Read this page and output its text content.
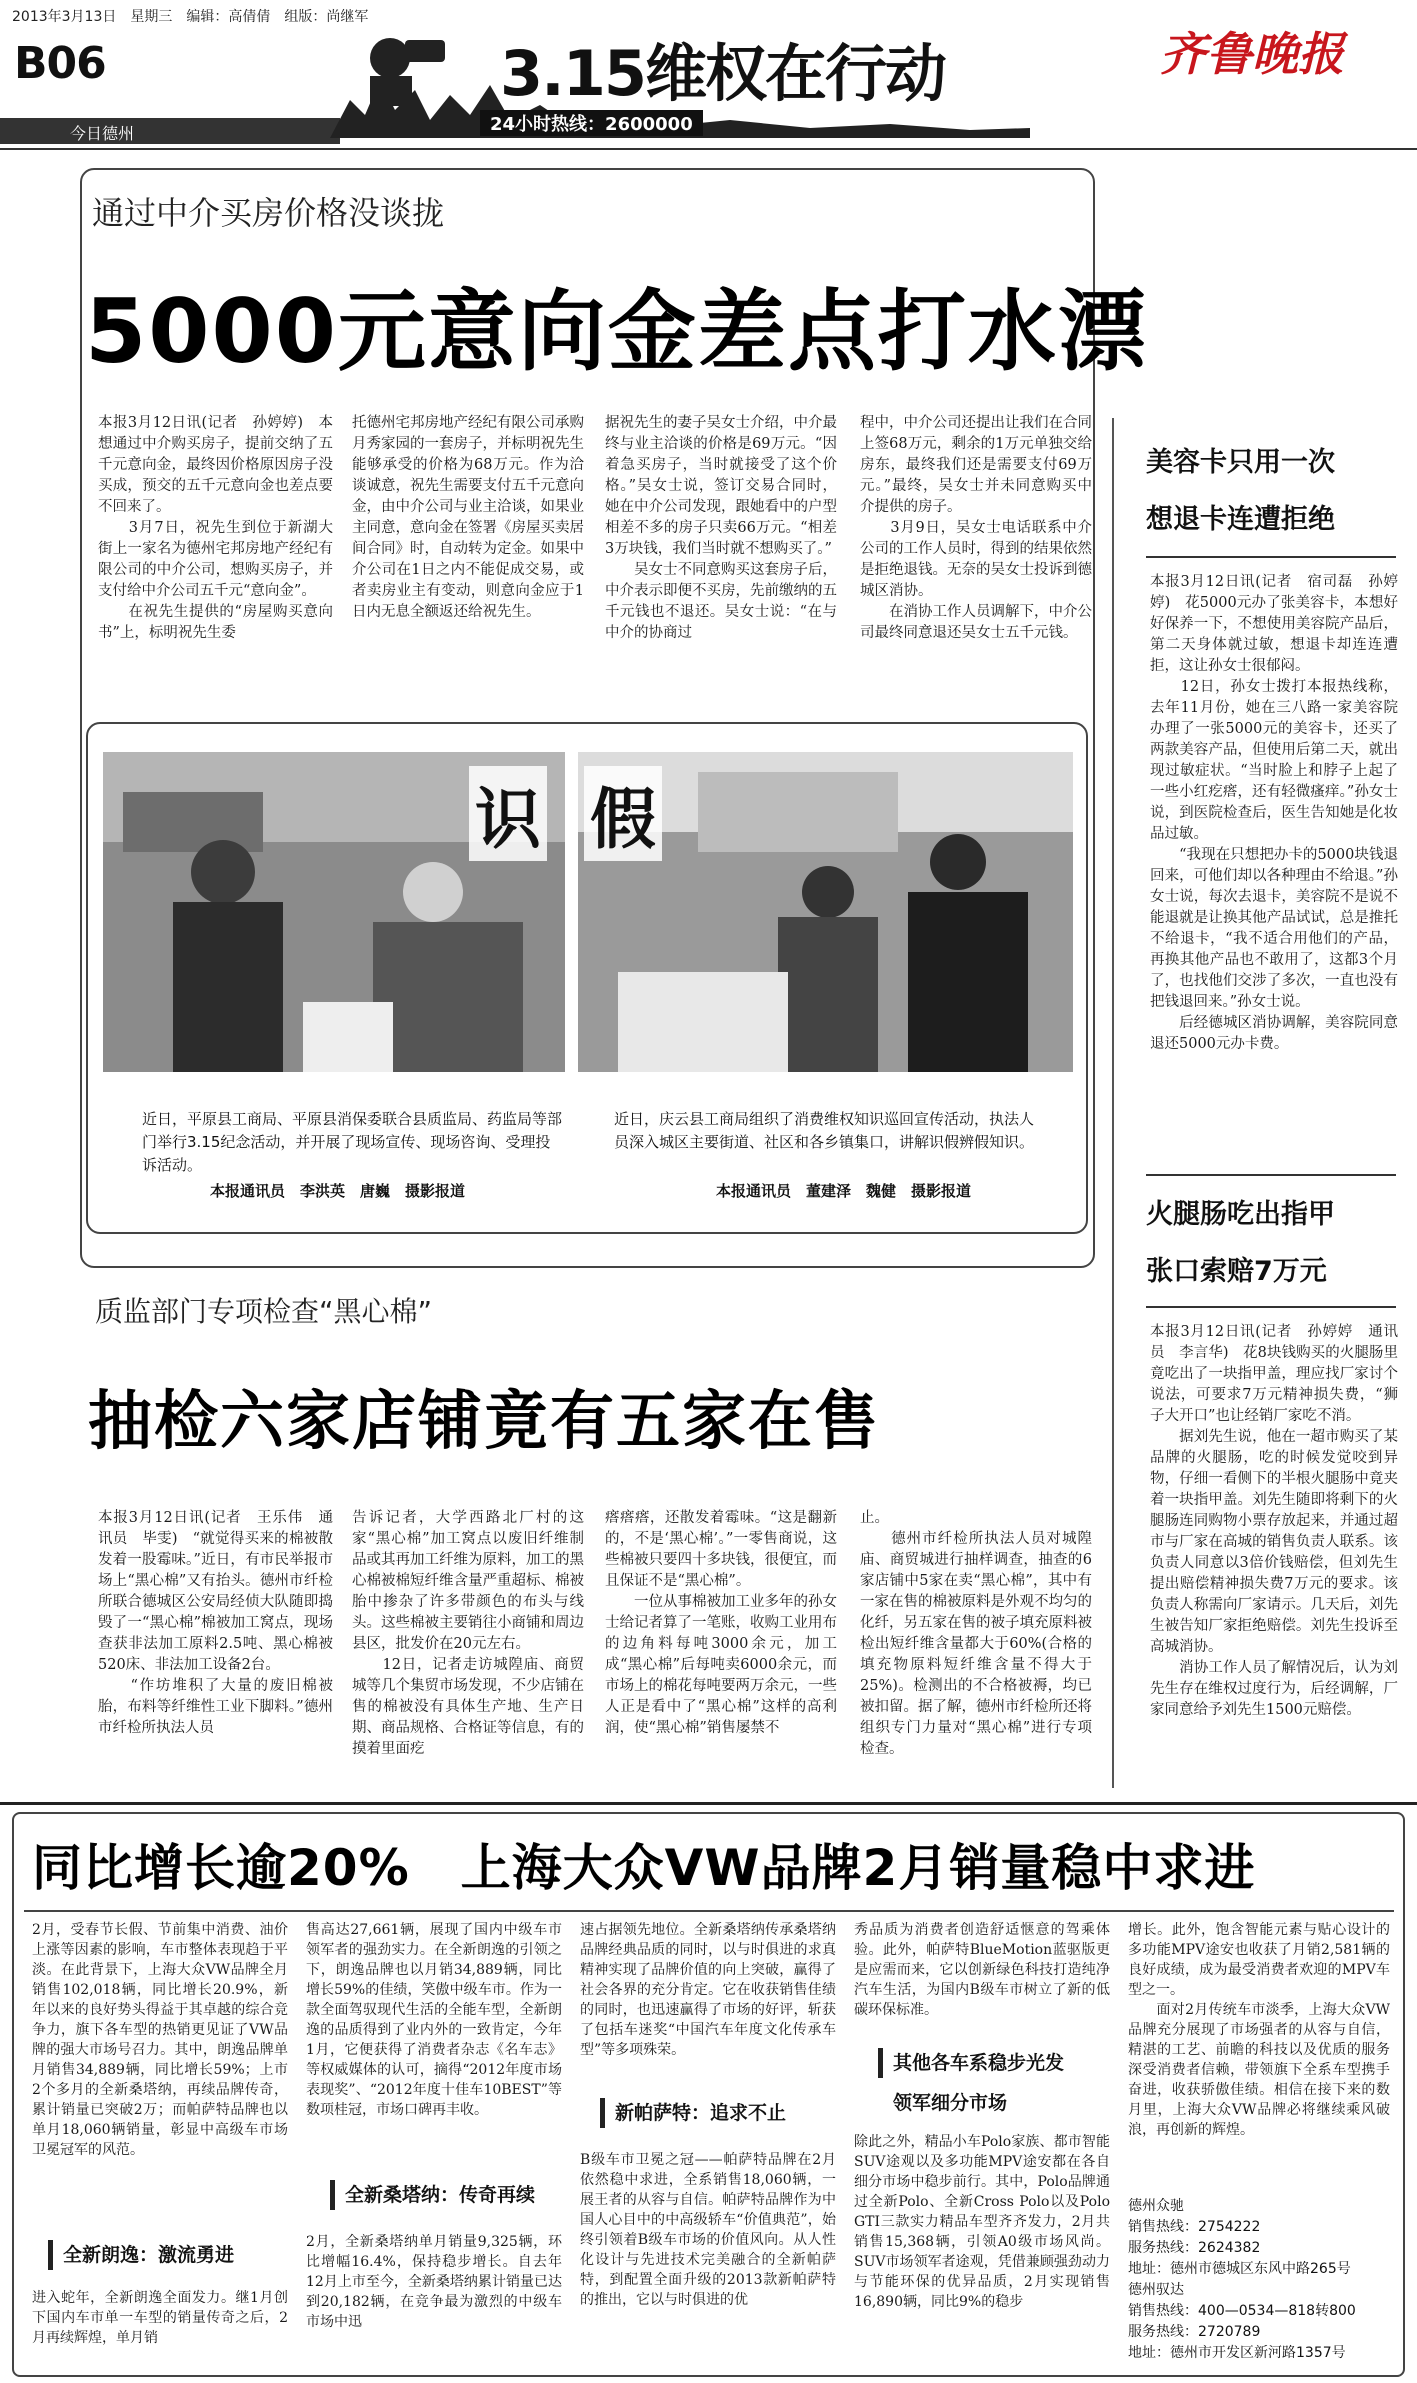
2013年3月13日　星期三　编辑：高倩倩　组版：尚继军
B06
今日德州
3.15维权在行动
24小时热线：2600000
齐鲁晚报
通过中介买房价格没谈拢
5000元意向金差点打水漂
本报3月12日讯(记者　孙婷婷)　本想通过中介购买房子，提前交纳了五千元意向金，最终因价格原因房子没买成，预交的五千元意向金也差点要不回来了。
　　3月7日，祝先生到位于新湖大街上一家名为德州宅邦房地产经纪有限公司的中介公司，想购买房子，并支付给中介公司五千元“意向金”。
　　在祝先生提供的“房屋购买意向书”上，标明祝先生委
托德州宅邦房地产经纪有限公司承购月秀家园的一套房子，并标明祝先生能够承受的价格为68万元。作为洽谈诚意，祝先生需要支付五千元意向金，由中介公司与业主洽谈，如果业主同意，意向金在签署《房屋买卖居间合同》时，自动转为定金。如果中介公司在1日之内不能促成交易，或者卖房业主有变动，则意向金应于1日内无息全额返还给祝先生。
据祝先生的妻子吴女士介绍，中介最终与业主洽谈的价格是69万元。“因着急买房子，当时就接受了这个价格。”吴女士说，签订交易合同时，她在中介公司发现，跟她看中的户型相差不多的房子只卖66万元。“相差3万块钱，我们当时就不想购买了。”
　　吴女士不同意购买这套房子后，中介表示即便不买房，先前缴纳的五千元钱也不退还。吴女士说：“在与中介的协商过
程中，中介公司还提出让我们在合同上签68万元，剩余的1万元单独交给房东，最终我们还是需要支付69万元。”最终，吴女士并未同意购买中介提供的房子。
　　3月9日，吴女士电话联系中介公司的工作人员时，得到的结果依然是拒绝退钱。无奈的吴女士投诉到德城区消协。
　　在消协工作人员调解下，中介公司最终同意退还吴女士五千元钱。
识 假
近日，平原县工商局、平原县消保委联合县质监局、药监局等部门举行3.15纪念活动，并开展了现场宣传、现场咨询、受理投诉活动。
本报通讯员　李洪英　唐巍　摄影报道
近日，庆云县工商局组织了消费维权知识巡回宣传活动，执法人员深入城区主要街道、社区和各乡镇集口，讲解识假辨假知识。
本报通讯员　董建泽　魏健　摄影报道
质监部门专项检查“黑心棉”
抽检六家店铺竟有五家在售
本报3月12日讯(记者　王乐伟　通讯员　毕雯)　“就觉得买来的棉被散发着一股霉味。”近日，有市民举报市场上“黑心棉”又有抬头。德州市纤检所联合德城区公安局经侦大队随即捣毁了一“黑心棉”棉被加工窝点，现场查获非法加工原料2.5吨、黑心棉被520床、非法加工设备2台。
　　“作坊堆积了大量的废旧棉被胎，布料等纤维性工业下脚料。”德州市纤检所执法人员
告诉记者，大学西路北厂村的这家“黑心棉”加工窝点以废旧纤维制品或其再加工纤维为原料，加工的黑心棉被棉短纤维含量严重超标、棉被胎中掺杂了许多带颜色的布头与线头。这些棉被主要销往小商铺和周边县区，批发价在20元左右。
　　12日，记者走访城隍庙、商贸城等几个集贸市场发现，不少店铺在售的棉被没有具体生产地、生产日期、商品规格、合格证等信息，有的摸着里面疙
瘩瘩瘩，还散发着霉味。“这是翻新的，不是‘黑心棉’。”一零售商说，这些棉被只要四十多块钱，很便宜，而且保证不是“黑心棉”。
　　一位从事棉被加工业多年的孙女士给记者算了一笔账，收购工业用布的边角料每吨3000余元，加工成“黑心棉”后每吨卖6000余元，而市场上的棉花每吨要两万余元，一些人正是看中了“黑心棉”这样的高利润，使“黑心棉”销售屡禁不
止。
　　德州市纤检所执法人员对城隍庙、商贸城进行抽样调查，抽查的6家店铺中5家在卖“黑心棉”，其中有一家在售的棉被原料是外观不均匀的化纤，另五家在售的被子填充原料被检出短纤维含量都大于60%(合格的填充物原料短纤维含量不得大于25%)。检测出的不合格被褥，均已被扣留。据了解，德州市纤检所还将组织专门力量对“黑心棉”进行专项检查。
美容卡只用一次
想退卡连遭拒绝
本报3月12日讯(记者　宿司磊　孙婷婷)　花5000元办了张美容卡，本想好好保养一下，不想使用美容院产品后，第二天身体就过敏，想退卡却连连遭拒，这让孙女士很郁闷。
　　12日，孙女士拨打本报热线称，去年11月份，她在三八路一家美容院办理了一张5000元的美容卡，还买了两款美容产品，但使用后第二天，就出现过敏症状。“当时脸上和脖子上起了一些小红疙瘩，还有轻微瘙痒。”孙女士说，到医院检查后，医生告知她是化妆品过敏。
　　“我现在只想把办卡的5000块钱退回来，可他们却以各种理由不给退。”孙女士说，每次去退卡，美容院不是说不能退就是让换其他产品试试，总是推托不给退卡，“我不适合用他们的产品，再换其他产品也不敢用了，这都3个月了，也找他们交涉了多次，一直也没有把钱退回来。”孙女士说。
　　后经德城区消协调解，美容院同意退还5000元办卡费。
火腿肠吃出指甲
张口索赔7万元
本报3月12日讯(记者　孙婷婷　通讯员　李言华)　花8块钱购买的火腿肠里竟吃出了一块指甲盖，理应找厂家讨个说法，可要求7万元精神损失费，“狮子大开口”也让经销厂家吃不消。
　　据刘先生说，他在一超市购买了某品牌的火腿肠，吃的时候发觉咬到异物，仔细一看侧下的半根火腿肠中竟夹着一块指甲盖。刘先生随即将剩下的火腿肠连同购物小票存放起来，并通过超市与厂家在高城的销售负责人联系。该负责人同意以3倍价钱赔偿，但刘先生提出赔偿精神损失费7万元的要求。该负责人称需向厂家请示。几天后，刘先生被告知厂家拒绝赔偿。刘先生投诉至高城消协。
　　消协工作人员了解情况后，认为刘先生存在维权过度行为，后经调解，厂家同意给予刘先生1500元赔偿。
同比增长逾20%　上海大众VW品牌2月销量稳中求进
2月，受春节长假、节前集中消费、油价上涨等因素的影响，车市整体表现趋于平淡。在此背景下，上海大众VW品牌全月销售102,018辆，同比增长20.9%，新年以来的良好势头得益于其卓越的综合竞争力，旗下各车型的热销更见证了VW品牌的强大市场号召力。其中，朗逸品牌单月销售34,889辆，同比增长59%；上市2个多月的全新桑塔纳，再续品牌传奇，累计销量已突破2万；而帕萨特品牌也以单月18,060辆销量，彰显中高级车市场卫冕冠军的风范。
全新朗逸：激流勇进
进入蛇年，全新朗逸全面发力。继1月创下国内车市单一车型的销量传奇之后，2月再续辉煌，单月销
售高达27,661辆，展现了国内中级车市领军者的强劲实力。在全新朗逸的引领之下，朗逸品牌也以月销34,889辆，同比增长59%的佳绩，笑傲中级车市。作为一款全面驾驭现代生活的全能车型，全新朗逸的品质得到了业内外的一致肯定，今年1月，它便获得了消费者杂志《名车志》等权威媒体的认可，摘得“2012年度市场表现奖”、“2012年度十佳车10BEST”等数项桂冠，市场口碑再丰收。
全新桑塔纳：传奇再续
2月，全新桑塔纳单月销量9,325辆，环比增幅16.4%，保持稳步增长。自去年12月上市至今，全新桑塔纳累计销量已达到20,182辆，在竞争最为激烈的中级车市场中迅
速占据领先地位。全新桑塔纳传承桑塔纳品牌经典品质的同时，以与时俱进的求真精神实现了品牌价值的向上突破，赢得了社会各界的充分肯定。它在收获销售佳绩的同时，也迅速赢得了市场的好评，斩获了包括车迷奖“中国汽车年度文化传承车型”等多项殊荣。
新帕萨特：追求不止
B级车市卫冕之冠——帕萨特品牌在2月依然稳中求进，全系销售18,060辆，一展王者的从容与自信。帕萨特品牌作为中国人心目中的中高级轿车“价值典范”，始终引领着B级车市场的价值风向。从人性化设计与先进技术完美融合的全新帕萨特，到配置全面升级的2013款新帕萨特的推出，它以与时俱进的优
秀品质为消费者创造舒适惬意的驾乘体验。此外，帕萨特BlueMotion蓝驱版更是应需而来，它以创新绿色科技打造纯净汽车生活，为国内B级车市树立了新的低碳环保标准。
其他各车系稳步光发
领军细分市场
除此之外，精品小车Polo家族、都市智能SUV途观以及多功能MPV途安都在各自细分市场中稳步前行。其中，Polo品牌通过全新Polo、全新Cross Polo以及Polo GTI三款实力精品车型齐齐发力，2月共销售15,368辆，引领A0级市场风尚。SUV市场领军者途观，凭借兼顾强劲动力与节能环保的优异品质，2月实现销售16,890辆，同比9%的稳步
增长。此外，饱含智能元素与贴心设计的多功能MPV途安也收获了月销2,581辆的良好成绩，成为最受消费者欢迎的MPV车型之一。
　　面对2月传统车市淡季，上海大众VW品牌充分展现了市场强者的从容与自信，精湛的工艺、前瞻的科技以及优质的服务深受消费者信赖，带领旗下全系车型携手奋进，收获骄傲佳绩。相信在接下来的数月里，上海大众VW品牌必将继续乘风破浪，再创新的辉煌。
德州众驰
销售热线：2754222
服务热线：2624382
地址：德州市德城区东风中路265号
德州驭达
销售热线：400—0534—818转800
服务热线：2720789
地址：德州市开发区新河路1357号
